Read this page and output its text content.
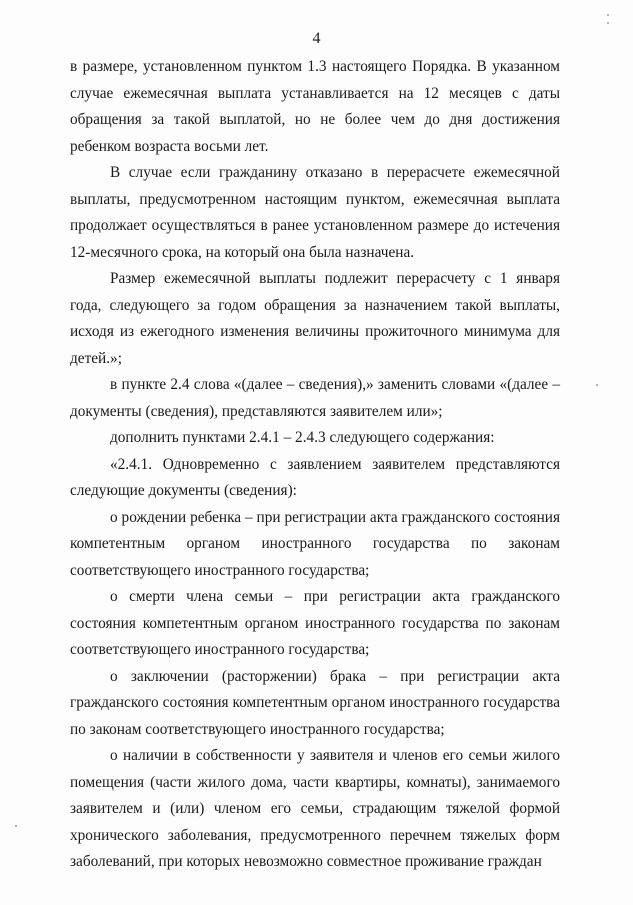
4

в размере, установленном пунктом 1.3 настоящего Порядка. В указанном случае ежемесячная выплата устанавливается на 12 месяцев с даты обращения за такой выплатой, но не более чем до дня достижения ребенком возраста восьми лет.

В случае если гражданину отказано в перерасчете ежемесячной выплаты, предусмотренном настоящим пунктом, ежемесячная выплата продолжает осуществляться в ранее установленном размере до истечения 12-месячного срока, на который она была назначена.

Размер ежемесячной выплаты подлежит перерасчету с 1 января года, следующего за годом обращения за назначением такой выплаты, исходя из ежегодного изменения величины прожиточного минимума для детей.»;

в пункте 2.4 слова «(далее – сведения),» заменить словами «(далее – документы (сведения), представляются заявителем или»;

дополнить пунктами 2.4.1 – 2.4.3 следующего содержания:

«2.4.1. Одновременно с заявлением заявителем представляются следующие документы (сведения):

о рождении ребенка – при регистрации акта гражданского состояния компетентным органом иностранного государства по законам соответствующего иностранного государства;

о смерти члена семьи – при регистрации акта гражданского состояния компетентным органом иностранного государства по законам соответствующего иностранного государства;

о заключении (расторжении) брака – при регистрации акта гражданского состояния компетентным органом иностранного государства по законам соответствующего иностранного государства;

о наличии в собственности у заявителя и членов его семьи жилого помещения (части жилого дома, части квартиры, комнаты), занимаемого заявителем и (или) членом его семьи, страдающим тяжелой формой хронического заболевания, предусмотренного перечнем тяжелых форм заболеваний, при которых невозможно совместное проживание граждан
